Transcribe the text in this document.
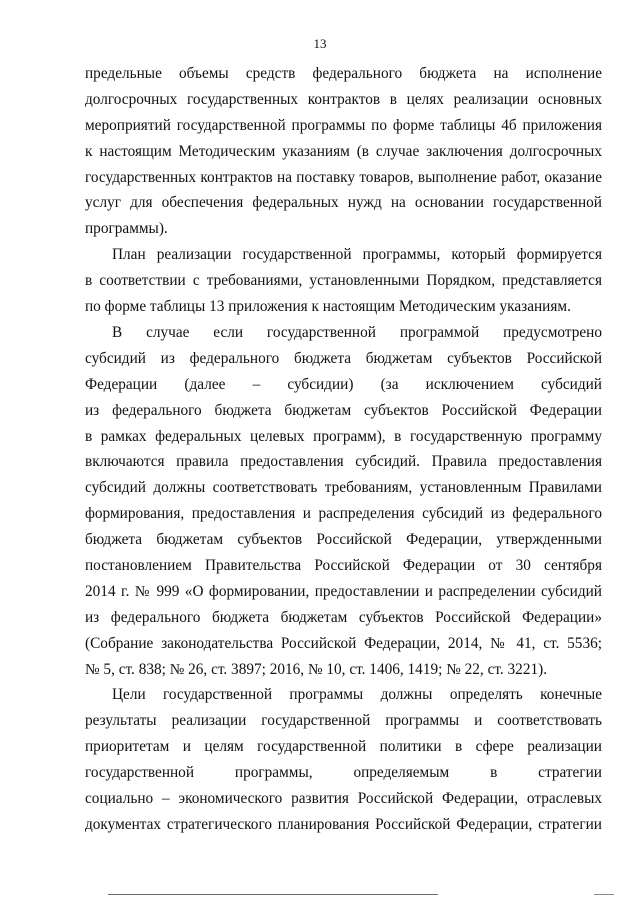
13
предельные объемы средств федерального бюджета на исполнение
долгосрочных государственных контрактов в целях реализации основных
мероприятий государственной программы по форме таблицы 4б приложения
к настоящим Методическим указаниям (в случае заключения долгосрочных
государственных контрактов на поставку товаров, выполнение работ, оказание
услуг для обеспечения федеральных нужд на основании государственной
программы).
План реализации государственной программы, который формируется
в соответствии с требованиями, установленными Порядком, представляется
по форме таблицы 13 приложения к настоящим Методическим указаниям.
В случае если государственной программой предусмотрено
субсидий из федерального бюджета бюджетам субъектов Российской
Федерации (далее – субсидии) (за исключением субсидий
из федерального бюджета бюджетам субъектов Российской Федерации
в рамках федеральных целевых программ), в государственную программу
включаются правила предоставления субсидий. Правила предоставления
субсидий должны соответствовать требованиям, установленным Правилами
формирования, предоставления и распределения субсидий из федерального
бюджета бюджетам субъектов Российской Федерации, утвержденными
постановлением Правительства Российской Федерации от 30 сентября
2014 г. № 999 «О формировании, предоставлении и распределении субсидий
из федерального бюджета бюджетам субъектов Российской Федерации»
(Собрание законодательства Российской Федерации, 2014, № 41, ст. 5536;
№ 5, ст. 838; № 26, ст. 3897; 2016, № 10, ст. 1406, 1419; № 22, ст. 3221).
Цели государственной программы должны определять конечные
результаты реализации государственной программы и соответствовать
приоритетам и целям государственной политики в сфере реализации
государственной программы, определяемым в стратегии
социально – экономического развития Российской Федерации, отраслевых
документах стратегического планирования Российской Федерации, стратегии
